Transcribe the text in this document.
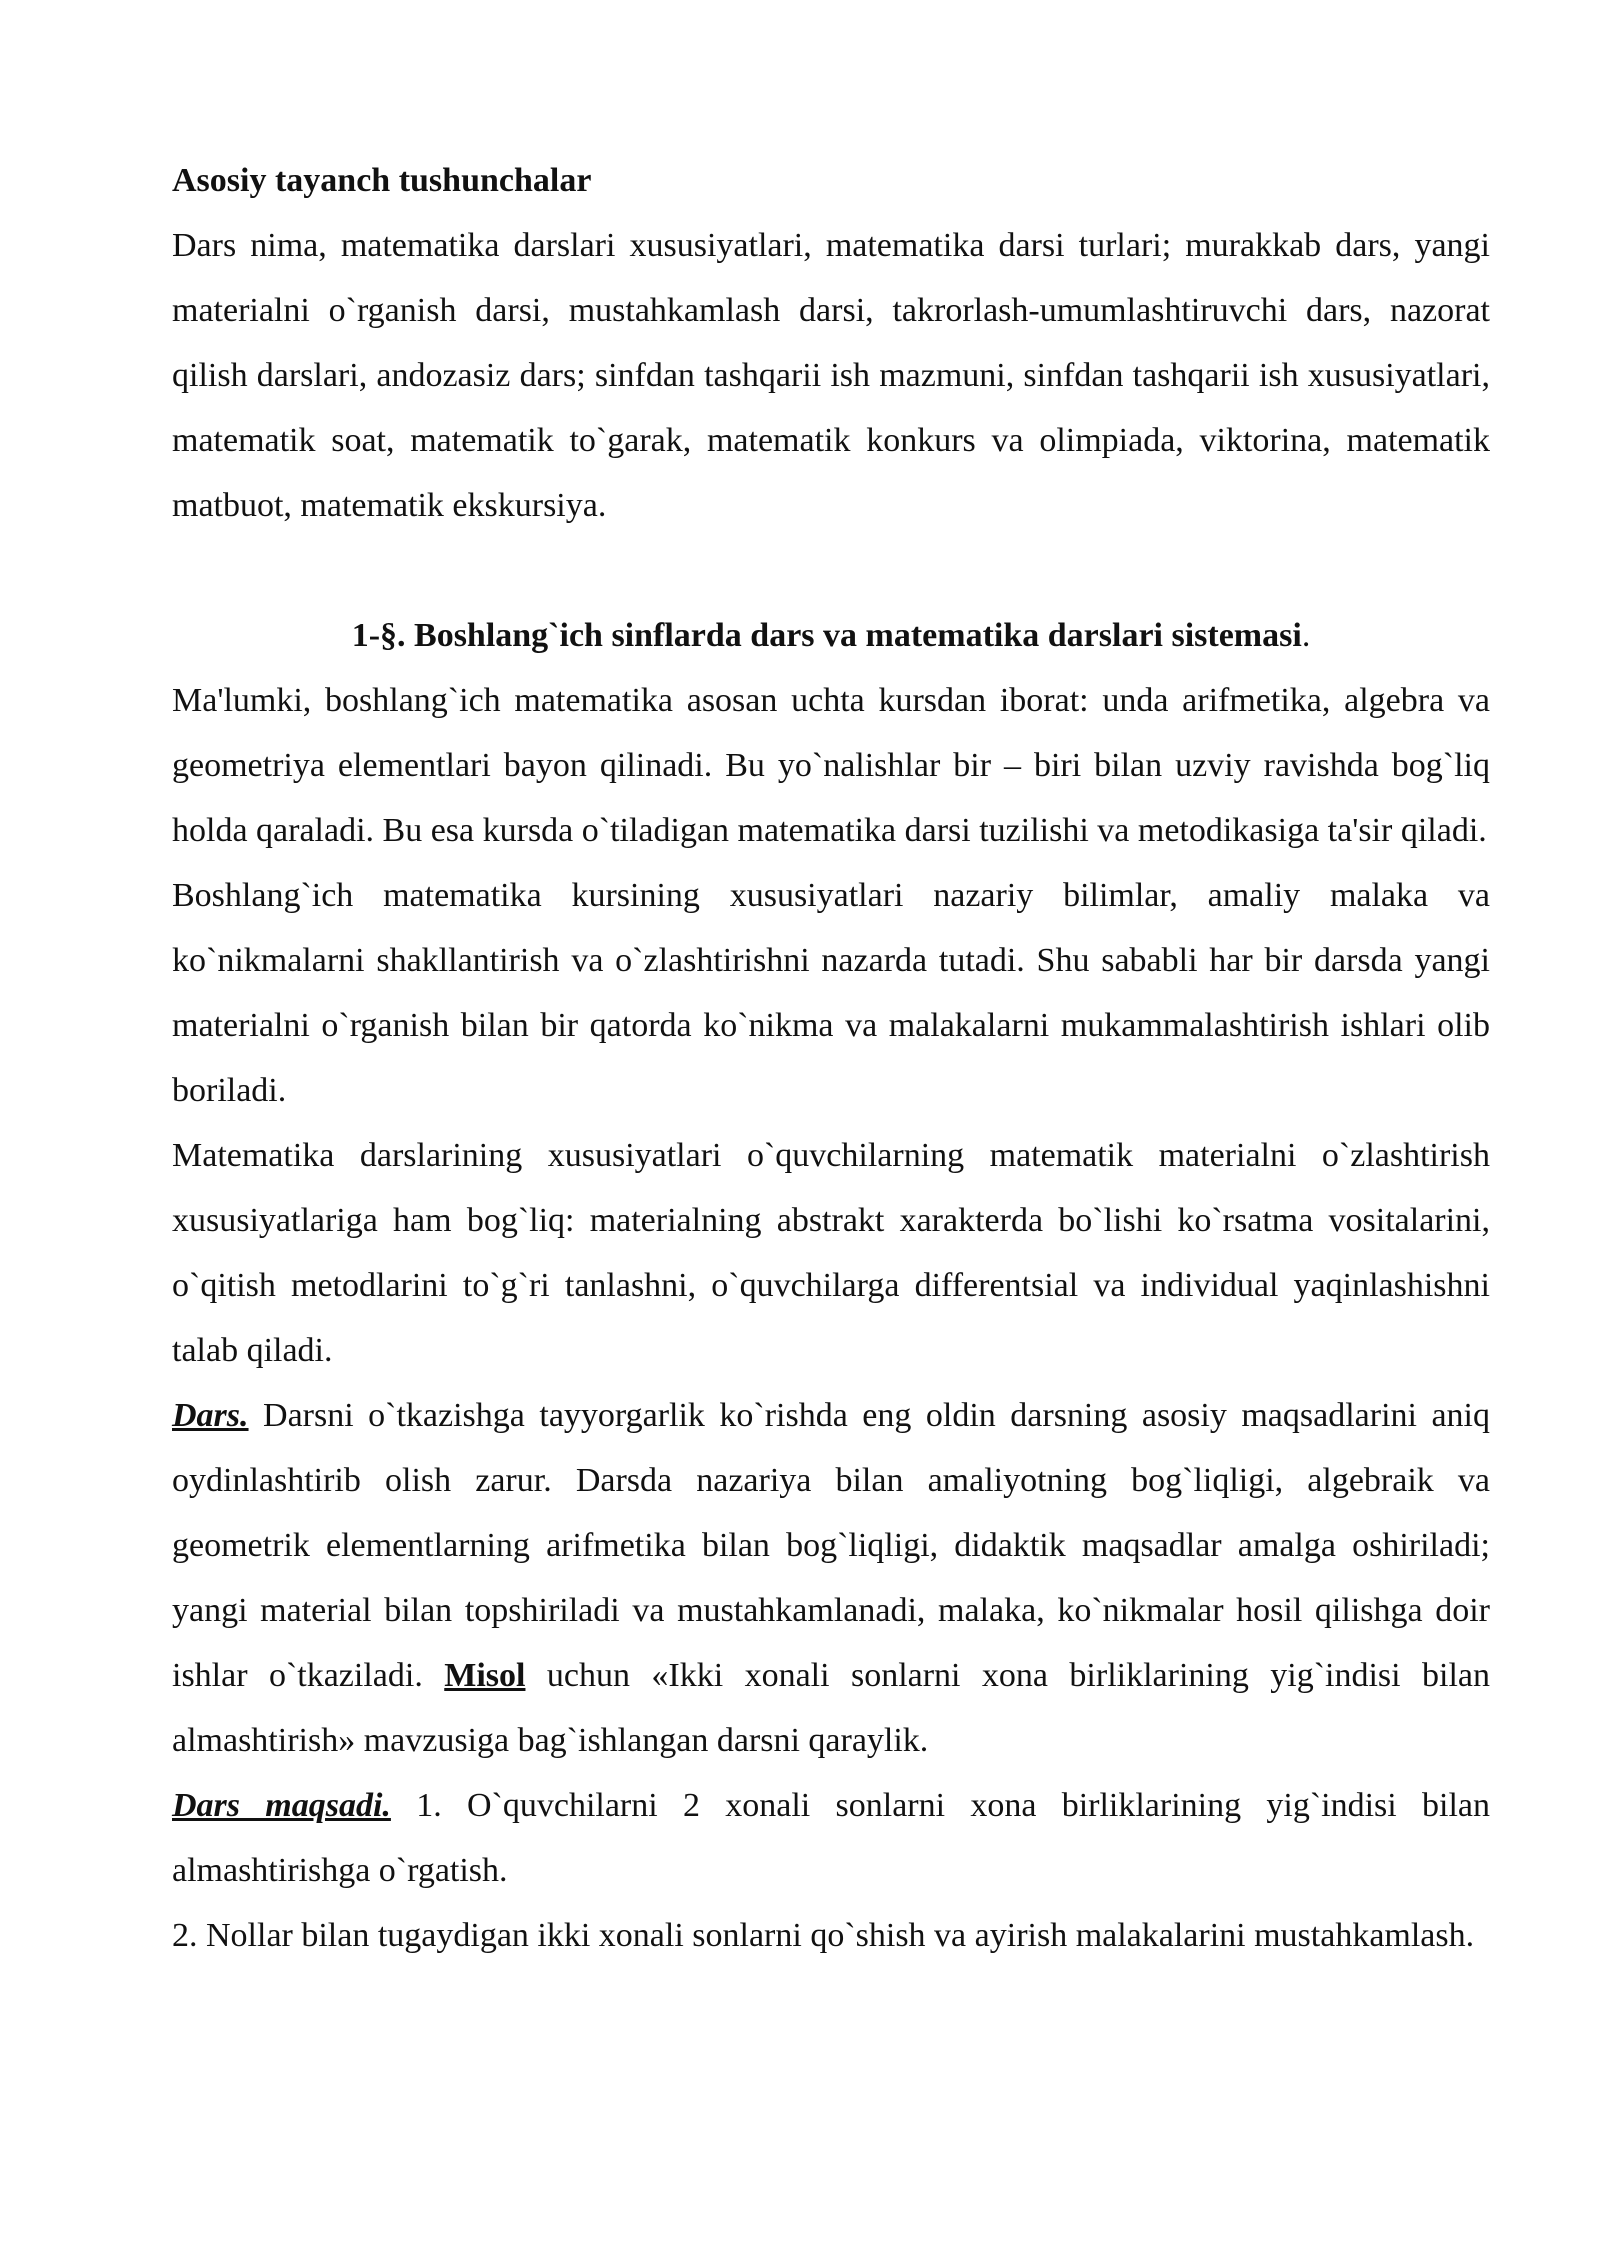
Asosiy tayanch tushunchalar

Dars nima, matematika darslari xususiyatlari, matematika darsi turlari; murakkab dars, yangi materialni o`rganish darsi, mustahkamlash darsi, takrorlash-umumlashtiruvchi dars, nazorat qilish darslari, andozasiz dars; sinfdan tashqarii ish mazmuni, sinfdan tashqarii ish xususiyatlari, matematik soat, matematik to`garak, matematik konkurs va olimpiada, viktorina, matematik matbuot, matematik ekskursiya.

1-§. Boshlang`ich sinflarda dars va matematika darslari sistemasi.

Ma'lumki, boshlang`ich matematika asosan uchta kursdan iborat: unda arifmetika, algebra va geometriya elementlari bayon qilinadi. Bu yo`nalishlar bir – biri bilan uzviy ravishda bog`liq holda qaraladi. Bu esa kursda o`tiladigan matematika darsi tuzilishi va metodikasiga ta'sir qiladi.

Boshlang`ich matematika kursining xususiyatlari nazariy bilimlar, amaliy malaka va ko`nikmalarni shakllantirish va o`zlashtirishni nazarda tutadi. Shu sababli har bir darsda yangi materialni o`rganish bilan bir qatorda ko`nikma va malakalarni mukammalashtirish ishlari olib boriladi.

Matematika darslarining xususiyatlari o`quvchilarning matematik materialni o`zlashtirish xususiyatlariga ham bog`liq: materialning abstrakt xarakterda bo`lishi ko`rsatma vositalarini, o`qitish metodlarini to`g`ri tanlashni, o`quvchilarga differentsial va individual yaqinlashishni talab qiladi.

Dars. Darsni o`tkazishga tayyorgarlik ko`rishda eng oldin darsning asosiy maqsadlarini aniq oydinlashtirib olish zarur. Darsda nazariya bilan amaliyotning bog`liqligi, algebraik va geometrik elementlarning arifmetika bilan bog`liqligi, didaktik maqsadlar amalga oshiriladi; yangi material bilan topshiriladi va mustahkamlanadi, malaka, ko`nikmalar hosil qilishga doir ishlar o`tkaziladi. Misol uchun «Ikki xonali sonlarni xona birliklarining yig`indisi bilan almashtirish» mavzusiga bag`ishlangan darsni qaraylik.

Dars maqsadi. 1. O`quvchilarni 2 xonali sonlarni xona birliklarining yig`indisi bilan almashtirishga o`rgatish.

2. Nollar bilan tugaydigan ikki xonali sonlarni qo`shish va ayirish malakalarini mustahkamlash.
